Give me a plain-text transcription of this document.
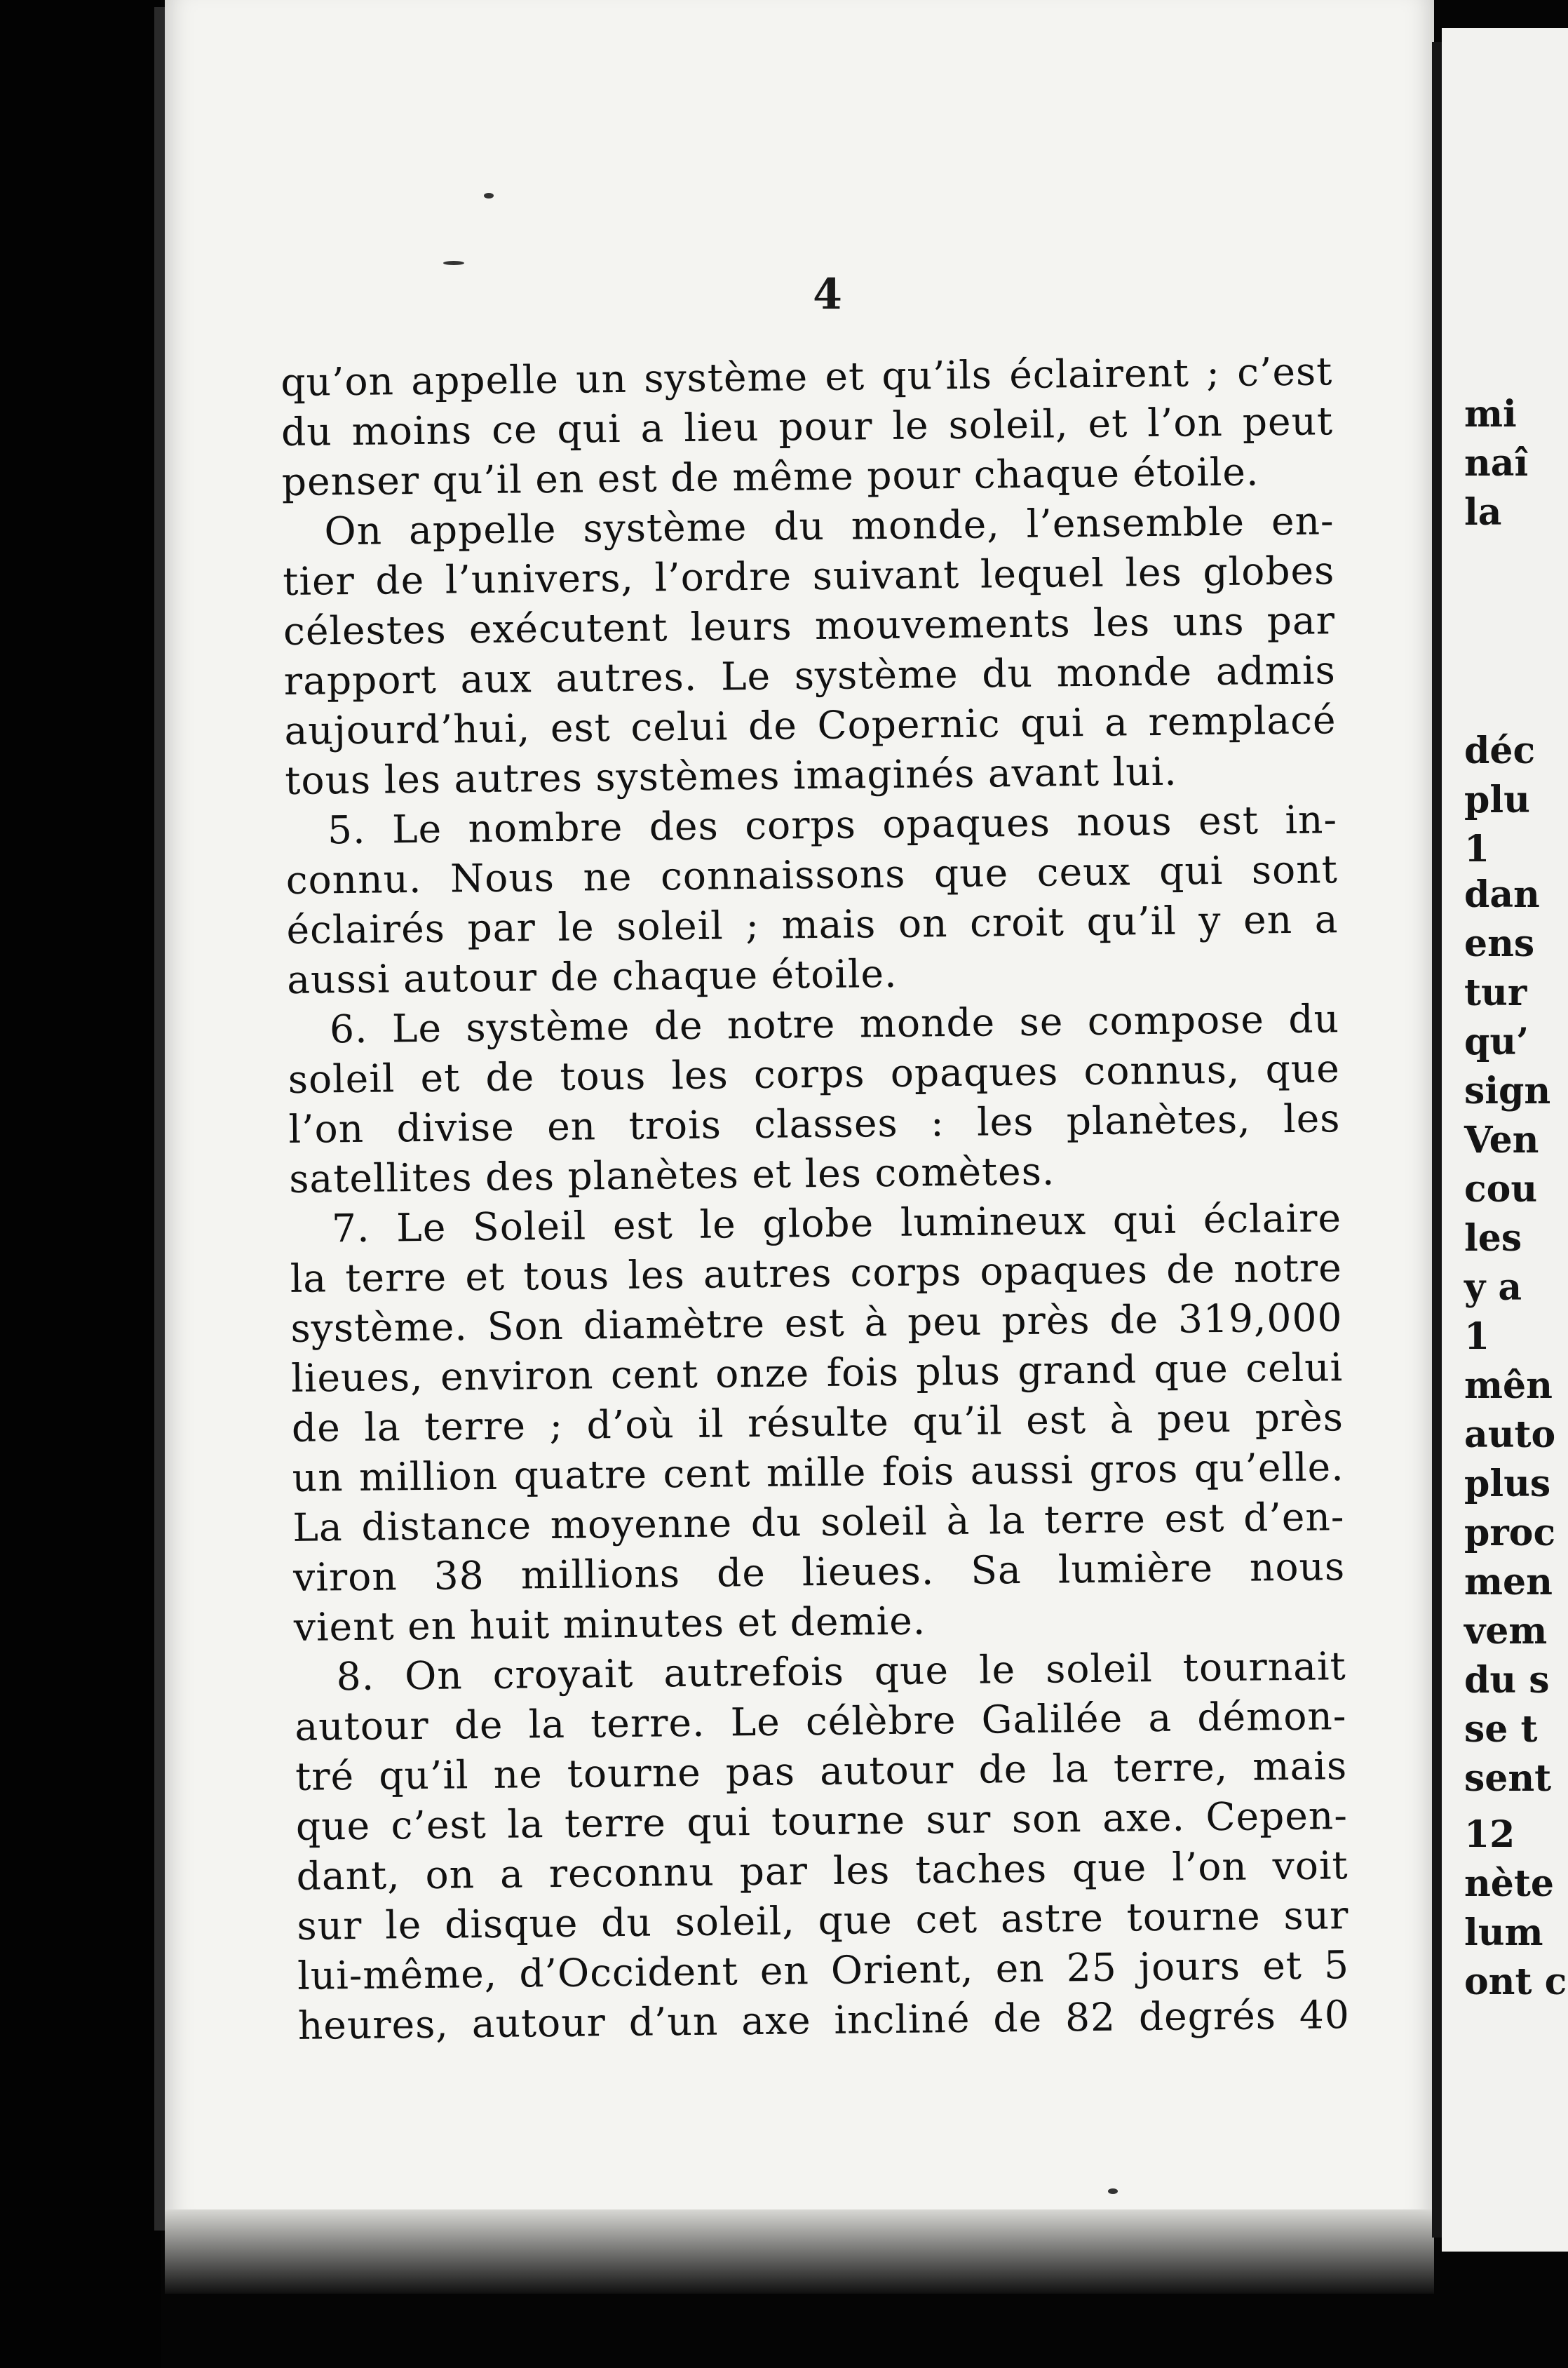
4
qu’on appelle un système et qu’ils éclairent ; c’est
du moins ce qui a lieu pour le soleil, et l’on peut
penser qu’il en est de même pour chaque étoile.
On appelle système du monde, l’ensemble en-
tier de l’univers, l’ordre suivant lequel les globes
célestes exécutent leurs mouvements les uns par
rapport aux autres. Le système du monde admis
aujourd’hui, est celui de Copernic qui a remplacé
tous les autres systèmes imaginés avant lui.
5. Le nombre des corps opaques nous est in-
connu. Nous ne connaissons que ceux qui sont
éclairés par le soleil ; mais on croit qu’il y en a
aussi autour de chaque étoile.
6. Le système de notre monde se compose du
soleil et de tous les corps opaques connus, que
l’on divise en trois classes : les planètes, les
satellites des planètes et les comètes.
7. Le Soleil est le globe lumineux qui éclaire
la terre et tous les autres corps opaques de notre
système. Son diamètre est à peu près de 319,000
lieues, environ cent onze fois plus grand que celui
de la terre ; d’où il résulte qu’il est à peu près
un million quatre cent mille fois aussi gros qu’elle.
La distance moyenne du soleil à la terre est d’en-
viron 38 millions de lieues. Sa lumière nous
vient en huit minutes et demie.
8. On croyait autrefois que le soleil tournait
autour de la terre. Le célèbre Galilée a démon-
tré qu’il ne tourne pas autour de la terre, mais
que c’est la terre qui tourne sur son axe. Cepen-
dant, on a reconnu par les taches que l’on voit
sur le disque du soleil, que cet astre tourne sur
lui-même, d’Occident en Orient, en 25 jours et 5
heures, autour d’un axe incliné de 82 degrés 40
mi
naî
la
déc
plu
1
dan
ens
tur
qu’
sign
Ven
cou
les
y a
1
mên
auto
plus
proc
men
vem
du s
se t
sent
12
nète
lum
ont c
